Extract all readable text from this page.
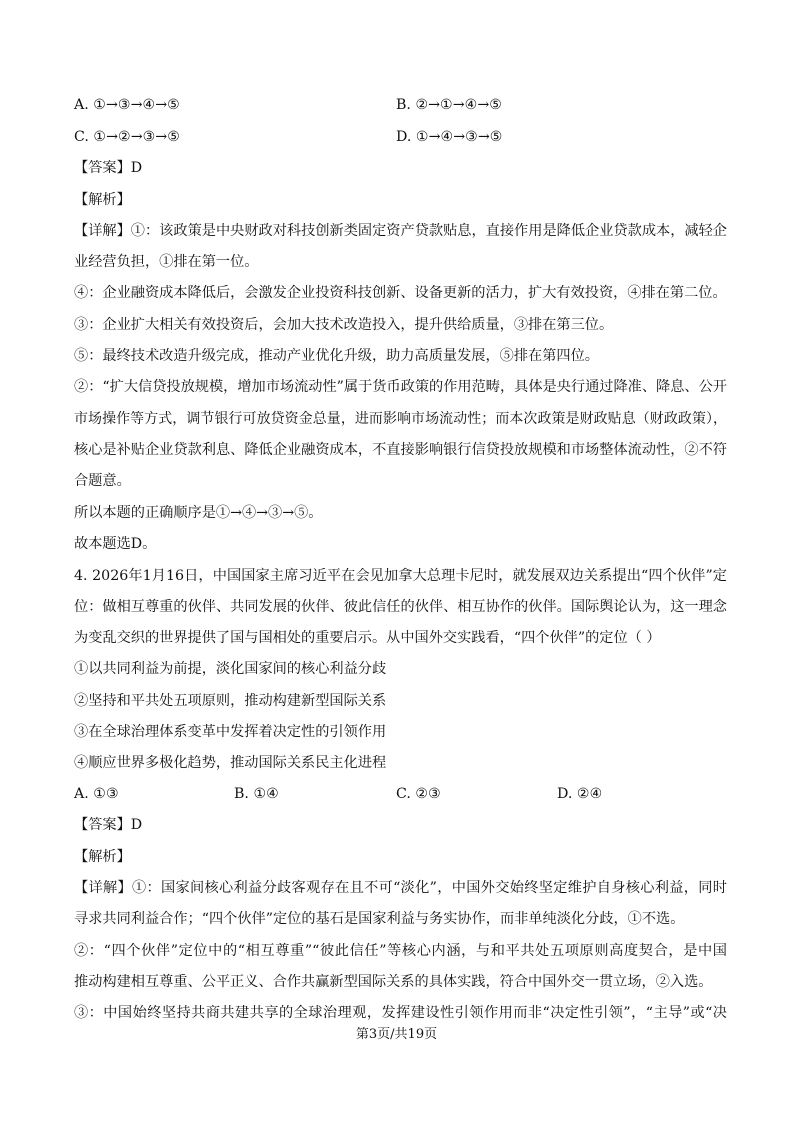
A. ①→③→④→⑤	B. ②→①→④→⑤
C. ①→②→③→⑤	D. ①→④→③→⑤
【答案】D
【解析】
【详解】①：该政策是中央财政对科技创新类固定资产贷款贴息，直接作用是降低企业贷款成本，减轻企
业经营负担，①排在第一位。
④：企业融资成本降低后，会激发企业投资科技创新、设备更新的活力，扩大有效投资，④排在第二位。
③：企业扩大相关有效投资后，会加大技术改造投入，提升供给质量，③排在第三位。
⑤：最终技术改造升级完成，推动产业优化升级，助力高质量发展，⑤排在第四位。
②：“扩大信贷投放规模，增加市场流动性”属于货币政策的作用范畴，具体是央行通过降准、降息、公开
市场操作等方式，调节银行可放贷资金总量，进而影响市场流动性；而本次政策是财政贴息（财政政策），
核心是补贴企业贷款利息、降低企业融资成本，不直接影响银行信贷投放规模和市场整体流动性，②不符
合题意。
所以本题的正确顺序是①→④→③→⑤。
故本题选D。
4. 2026年1月16日，中国国家主席习近平在会见加拿大总理卡尼时，就发展双边关系提出“四个伙伴”定
位：做相互尊重的伙伴、共同发展的伙伴、彼此信任的伙伴、相互协作的伙伴。国际舆论认为，这一理念
为变乱交织的世界提供了国与国相处的重要启示。从中国外交实践看，“四个伙伴”的定位（ ）
①以共同利益为前提，淡化国家间的核心利益分歧
②坚持和平共处五项原则，推动构建新型国际关系
③在全球治理体系变革中发挥着决定性的引领作用
④顺应世界多极化趋势，推动国际关系民主化进程
A. ①③	B. ①④	C. ②③	D. ②④
【答案】D
【解析】
【详解】①：国家间核心利益分歧客观存在且不可“淡化”，中国外交始终坚定维护自身核心利益，同时
寻求共同利益合作；“四个伙伴”定位的基石是国家利益与务实协作，而非单纯淡化分歧，①不选。
②：“四个伙伴”定位中的“相互尊重”“彼此信任”等核心内涵，与和平共处五项原则高度契合，是中国
推动构建相互尊重、公平正义、合作共赢新型国际关系的具体实践，符合中国外交一贯立场，②入选。
③：中国始终坚持共商共建共享的全球治理观，发挥建设性引领作用而非“决定性引领”，“主导”或“决
第3页/共19页
